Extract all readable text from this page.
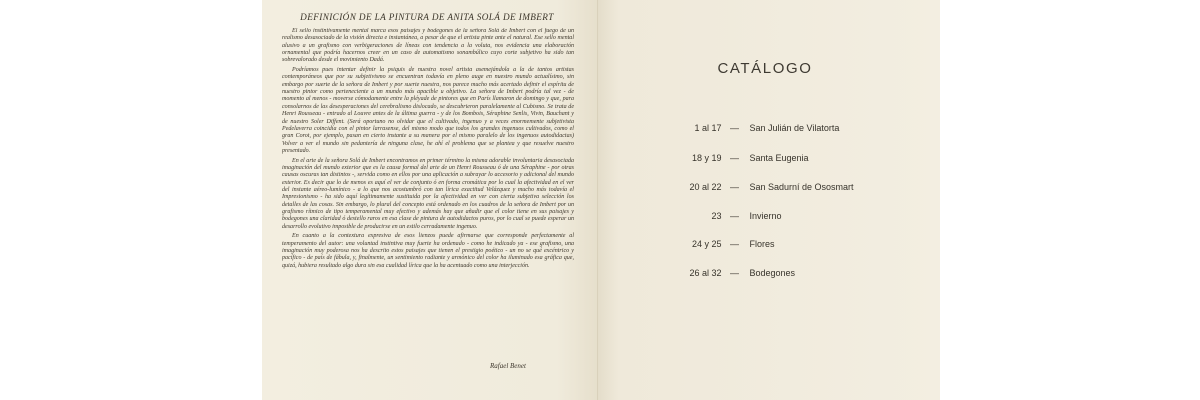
DEFINICIÓN DE LA PINTURA DE ANITA SOLÁ DE IMBERT

El sello instintivamente mental marca esos paisajes y bodegones de la señora Solá de Imbert con el fuego de un realismo desasociado de la visión directa e instantánea, a pesar de que el artista pinte ante el natural. Ese sello mental alusivo a un grafismo con verbigeraciones de líneas con tendencia a la voluta, nos evidencia una elaboración ornamental que podría hacernos creer en un caso de automatismo sonambúlico cuyo corte subjetivo ha sido tan sobrevalorado desde el movimiento Dadá.

Podríamos pues intentar definir la psiquis de nuestra novel artista asemejándola a la de tantos artistas contemporáneos que por su subjetivismo se encuentran todavía en pleno auge en nuestro mundo actualísimo, sin embargo por suerte de la señora de Imbert y por suerte nuestra, nos parece mucho más acertado definir el espíritu de nuestro pintor como perteneciente a un mundo más apacible u objetivo. La señora de Imbert podría tal vez - de momento al menos - moverse cómodamente entre la pléyade de pintores que en París llamaron de domingo y que, para consolarnos de las desesperaciones del cerebralismo dislocado, se descubrieron paralelamente al Cubismo. Se trata de Henri Rousseau - entrado al Louvre antes de la última guerra - y de los Bombois, Séraphine Senlis, Vivin, Bauchant y de nuestro Soler Diffent. (Será oportuno no olvidar que el cultivado, ingenuo y a veces enormemente subjetivista Pedelaverra coincidía con el pintor larrasense, del mismo modo que todos los grandes ingenuos cultivados, como el gran Corot, por ejemplo, pasan en cierto instante a su manera por el mismo paralelo de los ingenuos autodidactas) Volver a ver el mundo sin pedantería de ninguna clase, he ahí el problema que se plantea y que resuelve nuestro presentado.

En el arte de la señora Solá de Imbert encontramos en primer término la misma adorable involuntaria desasociada imaginación del mundo exterior que es la causa formal del arte de un Henri Rousseau ó de una Séraphine - por otras causas oscuras tan distintos -, servida como en ellos por una aplicación a subrayar lo accesorio y adicional del mundo exterior. Es decir que lo de menos es aquí el ver de conjunto ó en forma cromática por lo cual la afectividad en el ver del instante aéreo-lumínico - a lo que nos acostumbró con tan lírica exactitud Velázquez y mucho más todavía el Impresionismo - ha sido aquí legítimamente sustituida por la afectividad en ver con cierta subjetiva selección los detalles de las cosas. Sin embargo, lo plural del concepto está ordenado en los cuadros de la señora de Imbert por un grafismo rítmico de tipo temperamental muy efectivo y además hay que añadir que el color tiene en sus paisajes y bodegones una claridad ó destello raros en esa clase de pintura de autodidactos puros, por lo cual se puede esperar un desarrollo evolutivo imposible de producirse en un estilo cerradamente ingenuo.

En cuanto a la contextura expresiva de esos lienzos puede afirmarse que corresponde perfectamente al temperamento del autor: una voluntad instintiva muy fuerte ha ordenado - como he indicado ya - ese grafismo, una imaginación muy poderosa nos ha descrito estos paisajes que tienen el prestigio poético - un no se qué excéntrico y pacífico - de país de fábula, y, finalmente, un sentimiento radiante y armónico del color ha iluminado esa gráfica que, quizá, hubiera resultado algo dura sin esa cualidad lírica que la ha acentuado como una interjección.

Rafael Benet
CATÁLOGO
1 al 17 —	San Julián de Vilatorta
18 y 19 —	Santa Eugenia
20 al 22 —	San Sadurní de Ososmart
23 —	Invierno
24 y 25 —	Flores
26 al 32 —	Bodegones
